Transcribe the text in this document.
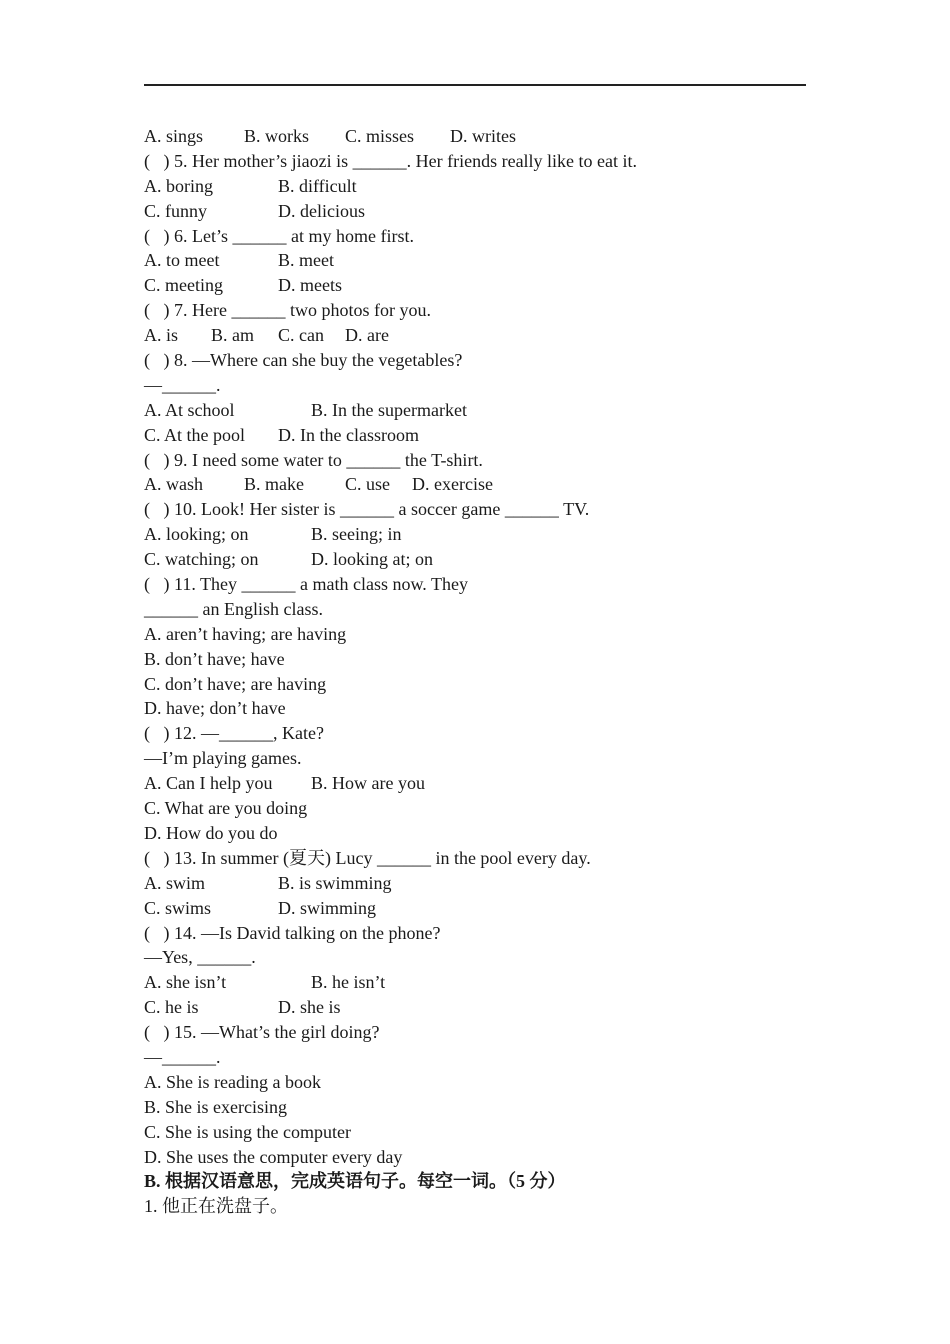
A. sings B. works C. misses D. writes
(   ) 5. Her mother’s jiaozi is ______. Her friends really like to eat it.
A. boring	B. difficult
C. funny	D. delicious
(   ) 6. Let’s ______ at my home first.
A. to meet	B. meet
C. meeting	D. meets
(   ) 7. Here ______ two photos for you.
A. is B. am C. can D. are
(   ) 8. —Where can she buy the vegetables?
—______.
A. At school	B. In the supermarket
C. At the pool D. In the classroom
(   ) 9. I need some water to ______ the T-shirt.
A. wash B. make C. use D. exercise
(   ) 10. Look! Her sister is ______ a soccer game ______ TV.
A. looking; on	B. seeing; in
C. watching; on	D. looking at; on
(   ) 11. They ______ a math class now. They
______ an English class.
A. aren’t having; are having
B. don’t have; have
C. don’t have; are having
D. have; don’t have
(   ) 12. —______, Kate?
—I’m playing games.
A. Can I help you B. How are you
C. What are you doing
D. How do you do
(   ) 13. In summer (夏天) Lucy ______ in the pool every day.
A. swim	B. is swimming
C. swims	D. swimming
(   ) 14. —Is David talking on the phone?
—Yes, ______.
A. she isn’t	B. he isn’t
C. he is	D. she is
(   ) 15. —What’s the girl doing?
—______.
A. She is reading a book
B. She is exercising
C. She is using the computer
D. She uses the computer every day
B. 根据汉语意思，完成英语句子。每空一词。（5 分）
1. 他正在洗盘子。
